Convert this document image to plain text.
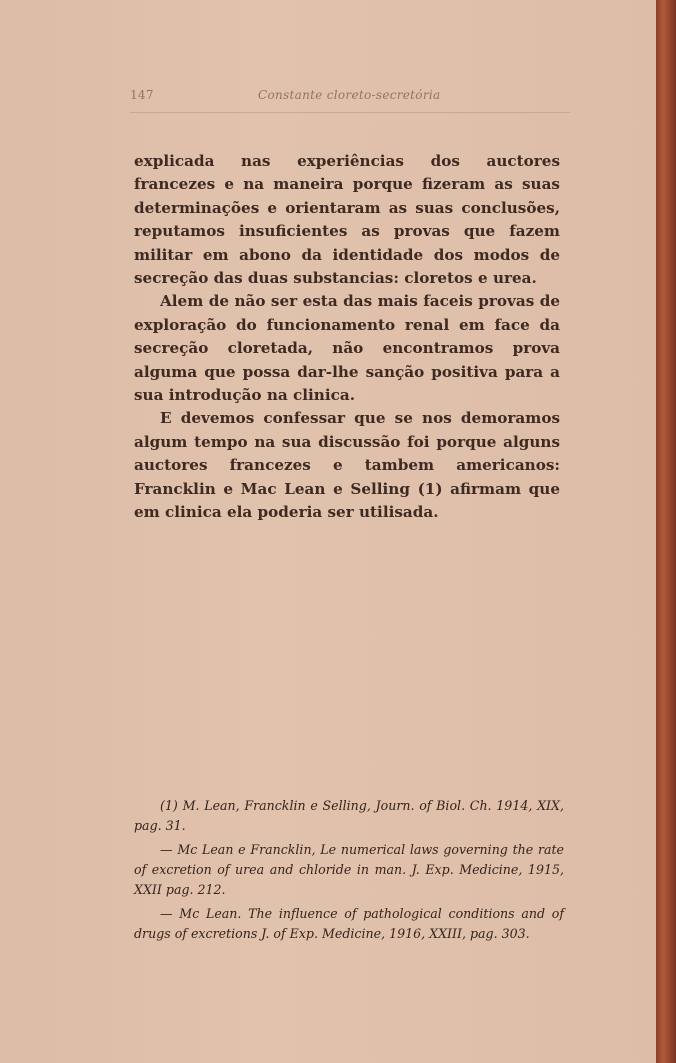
147	Constante cloreto-secretória

explicada nas experiências dos auctores francezes e na maneira porque fizeram as suas determinações e orientaram as suas conclusões, reputamos insuficientes as provas que fazem militar em abono da identidade dos modos de secreção das duas substancias: cloretos e urea.

Alem de não ser esta das mais faceis provas de exploração do funcionamento renal em face da secreção cloretada, não encontramos prova alguma que possa dar-lhe sanção positiva para a sua introdução na clinica.

E devemos confessar que se nos demoramos algum tempo na sua discussão foi porque alguns auctores francezes e tambem americanos: Francklin e Mac Lean e Selling (1) afirmam que em clinica ela poderia ser utilisada.

(1) M. Lean, Francklin e Selling, Journ. of Biol. Ch. 1914, XIX, pag. 31.

— Mc Lean e Francklin, Le numerical laws governing the rate of excretion of urea and chloride in man. J. Exp. Medicine, 1915, XXII pag. 212.

— Mc Lean. The influence of pathological conditions and of drugs of excretions J. of Exp. Medicine, 1916, XXIII, pag. 303.
